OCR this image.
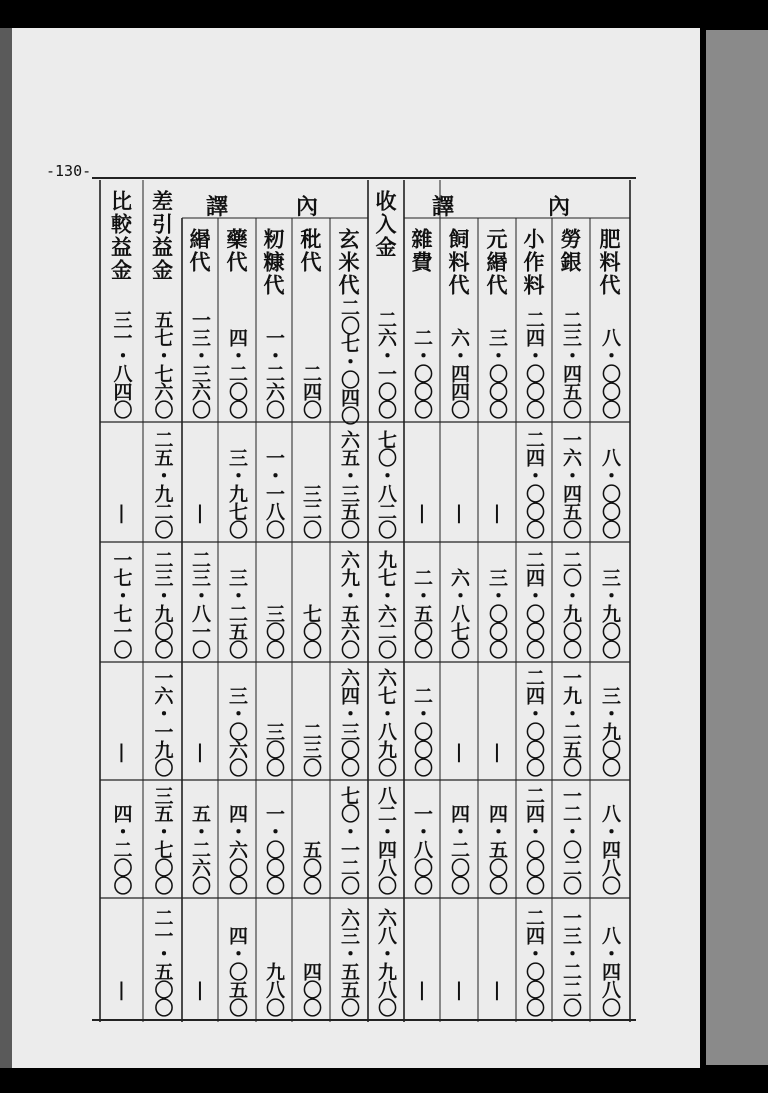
-130-
內
譯
內
譯
肥料代
八・〇〇〇
八・〇〇〇
三・九〇〇
三・九〇〇
八・四八〇
八・四八〇
勞銀
二三・四五〇
一六・四五〇
二〇・九〇〇
一九・二五〇
一二・〇二〇
一三・二二〇
小作料
二四・〇〇〇
二四・〇〇〇
二四・〇〇〇
二四・〇〇〇
二四・〇〇〇
二四・〇〇〇
元緡代
三・〇〇〇
|
三・〇〇〇
|
四・五〇〇
|
飼料代
六・四四〇
|
六・八七〇
|
四・二〇〇
|
雜費
二・〇〇〇
|
二・五〇〇
二・〇〇〇
一・八〇〇
|
收入金
二六・一〇〇
七〇・八二〇
九七・六二〇
六七・八九〇
八二・四八〇
六八・九八〇
玄米代
二〇七・〇四〇
六五・三五〇
六九・五六〇
六四・三〇〇
七〇・一二〇
六三・五五〇
秕代
二四〇
三二〇
七〇〇
二三〇
五〇〇
四〇〇
籾糠代
一・二六〇
一・一八〇
三〇〇
三〇〇
一・〇〇〇
九八〇
藥代
四・二〇〇
三・九七〇
三・二五〇
三・〇六〇
四・六〇〇
四・〇五〇
緡代
一三・三六〇
|
二三・八一〇
|
五・二六〇
|
差引益金
五七・七六〇
二五・九二〇
二三・九〇〇
一六・一九〇
三五・七〇〇
二一・五〇〇
比較益金
三一・八四〇
|
一七・七一〇
|
四・二〇〇
|
